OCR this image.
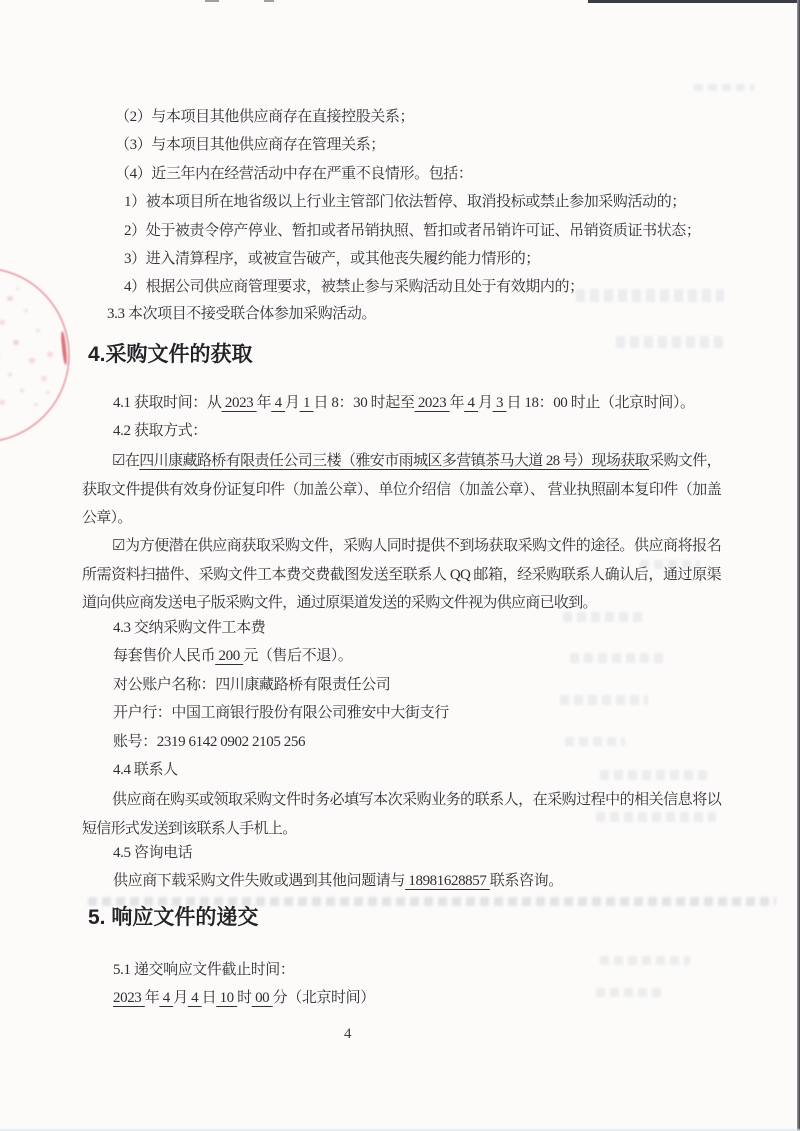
（2）与本项目其他供应商存在直接控股关系；
（3）与本项目其他供应商存在管理关系；
（4）近三年内在经营活动中存在严重不良情形。包括：
1）被本项目所在地省级以上行业主管部门依法暂停、取消投标或禁止参加采购活动的；
2）处于被责令停产停业、暂扣或者吊销执照、暂扣或者吊销许可证、吊销资质证书状态；
3）进入清算程序，或被宣告破产，或其他丧失履约能力情形的；
4）根据公司供应商管理要求，被禁止参与采购活动且处于有效期内的；
3.3 本次项目不接受联合体参加采购活动。
4.采购文件的获取
4.1 获取时间：从 2023 年 4 月 1 日 8：30 时起至 2023 年 4 月 3 日 18：00 时止（北京时间）。
4.2 获取方式：
☑在四川康藏路桥有限责任公司三楼（雅安市雨城区多营镇茶马大道 28 号）现场获取采购文件，获取文件提供有效身份证复印件（加盖公章）、单位介绍信（加盖公章）、 营业执照副本复印件（加盖公章）。
☑为方便潜在供应商获取采购文件，采购人同时提供不到场获取采购文件的途径。供应商将报名所需资料扫描件、采购文件工本费交费截图发送至联系人 QQ 邮箱，经采购联系人确认后，通过原渠道向供应商发送电子版采购文件，通过原渠道发送的采购文件视为供应商已收到。
4.3 交纳采购文件工本费
每套售价人民币 200 元（售后不退）。
对公账户名称：四川康藏路桥有限责任公司
开户行：中国工商银行股份有限公司雅安中大街支行
账号：2319 6142 0902 2105 256
4.4 联系人
供应商在购买或领取采购文件时务必填写本次采购业务的联系人，在采购过程中的相关信息将以短信形式发送到该联系人手机上。
4.5 咨询电话
供应商下载采购文件失败或遇到其他问题请与 18981628857 联系咨询。
5. 响应文件的递交
5.1 递交响应文件截止时间：
2023 年 4 月 4 日 10 时 00 分（北京时间）
4
